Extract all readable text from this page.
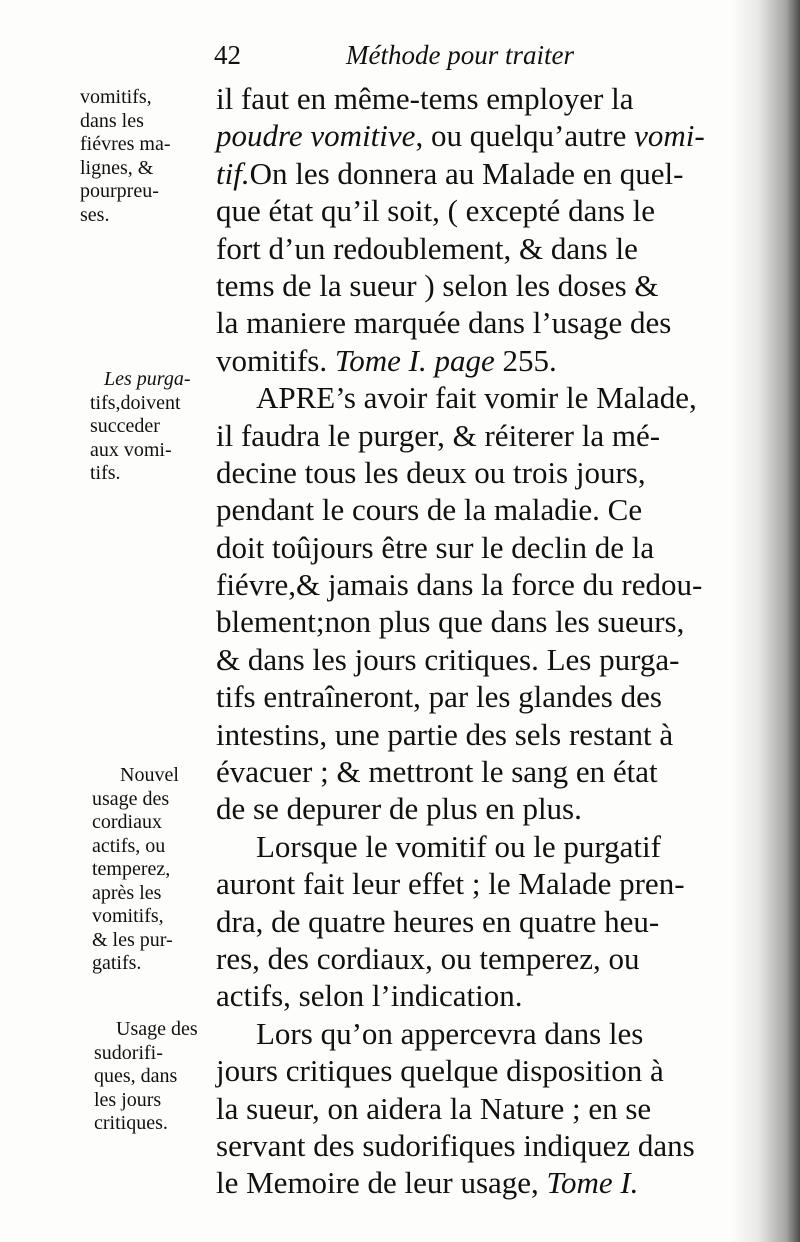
42	Méthode pour traiter
vomitifs,
dans les
fiévres ma-
lignes, &
pourpreu-
ses.
Les purga-
tifs,doivent
succeder
aux vomi-
tifs.
Nouvel
usage des
cordiaux
actifs, ou
temperez,
après les
vomitifs,
& les pur-
gatifs.
Usage des
sudorifi-
ques, dans
les jours
critiques.
il faut en même-tems employer la
poudre vomitive, ou quelqu’autre vomi-
tif.On les donnera au Malade en quel-
que état qu’il soit, ( excepté dans le
fort d’un redoublement, & dans le
tems de la sueur ) selon les doses &
la maniere marquée dans l’usage des
vomitifs. Tome I. page 255.
APRE’s avoir fait vomir le Malade,
il faudra le purger, & réiterer la mé-
decine tous les deux ou trois jours,
pendant le cours de la maladie. Ce
doit toûjours être sur le declin de la
fiévre,& jamais dans la force du redou-
blement;non plus que dans les sueurs,
& dans les jours critiques. Les purga-
tifs entraîneront, par les glandes des
intestins, une partie des sels restant à
évacuer ; & mettront le sang en état
de se depurer de plus en plus.
Lorsque le vomitif ou le purgatif
auront fait leur effet ; le Malade pren-
dra, de quatre heures en quatre heu-
res, des cordiaux, ou temperez, ou
actifs, selon l’indication.
Lors qu’on appercevra dans les
jours critiques quelque disposition à
la sueur, on aidera la Nature ; en se
servant des sudorifiques indiquez dans
le Memoire de leur usage, Tome I.
